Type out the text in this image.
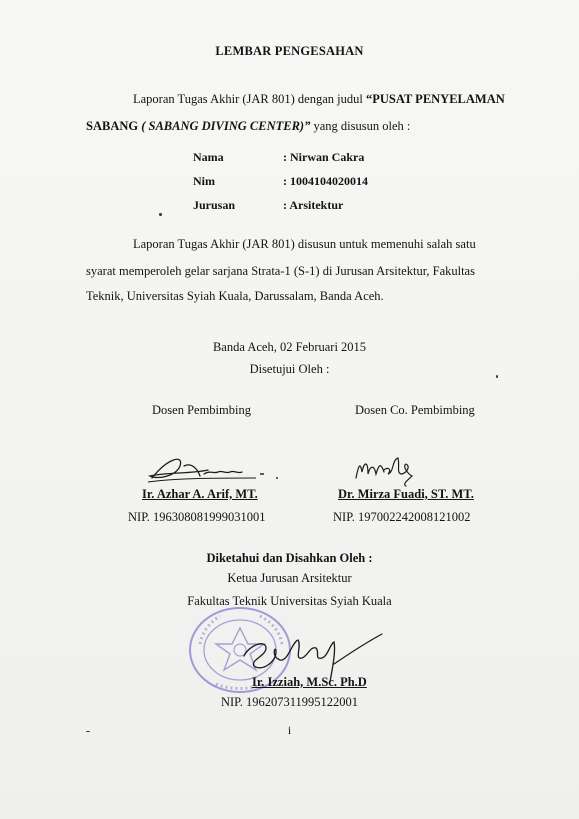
LEMBAR PENGESAHAN
Laporan Tugas Akhir (JAR 801) dengan judul “PUSAT PENYELAMAN
SABANG ( SABANG DIVING CENTER)” yang disusun oleh :
Nama	: Nirwan Cakra
Nim	: 1004104020014
Jurusan	: Arsitektur
Laporan Tugas Akhir (JAR 801) disusun untuk memenuhi salah satu
syarat memperoleh gelar sarjana Strata-1 (S-1) di Jurusan Arsitektur, Fakultas
Teknik, Universitas Syiah Kuala, Darussalam, Banda Aceh.
Banda Aceh, 02 Februari 2015
Disetujui Oleh :
Dosen Pembimbing	Dosen Co. Pembimbing
Ir. Azhar A. Arif, MT.
NIP. 196308081999031001
Dr. Mirza Fuadi, ST. MT.
NIP. 197002242008121002
Diketahui dan Disahkan Oleh :
Ketua Jurusan Arsitektur
Fakultas Teknik Universitas Syiah Kuala
Ir. Izziah, M.Sc. Ph.D
NIP. 196207311995122001
i
